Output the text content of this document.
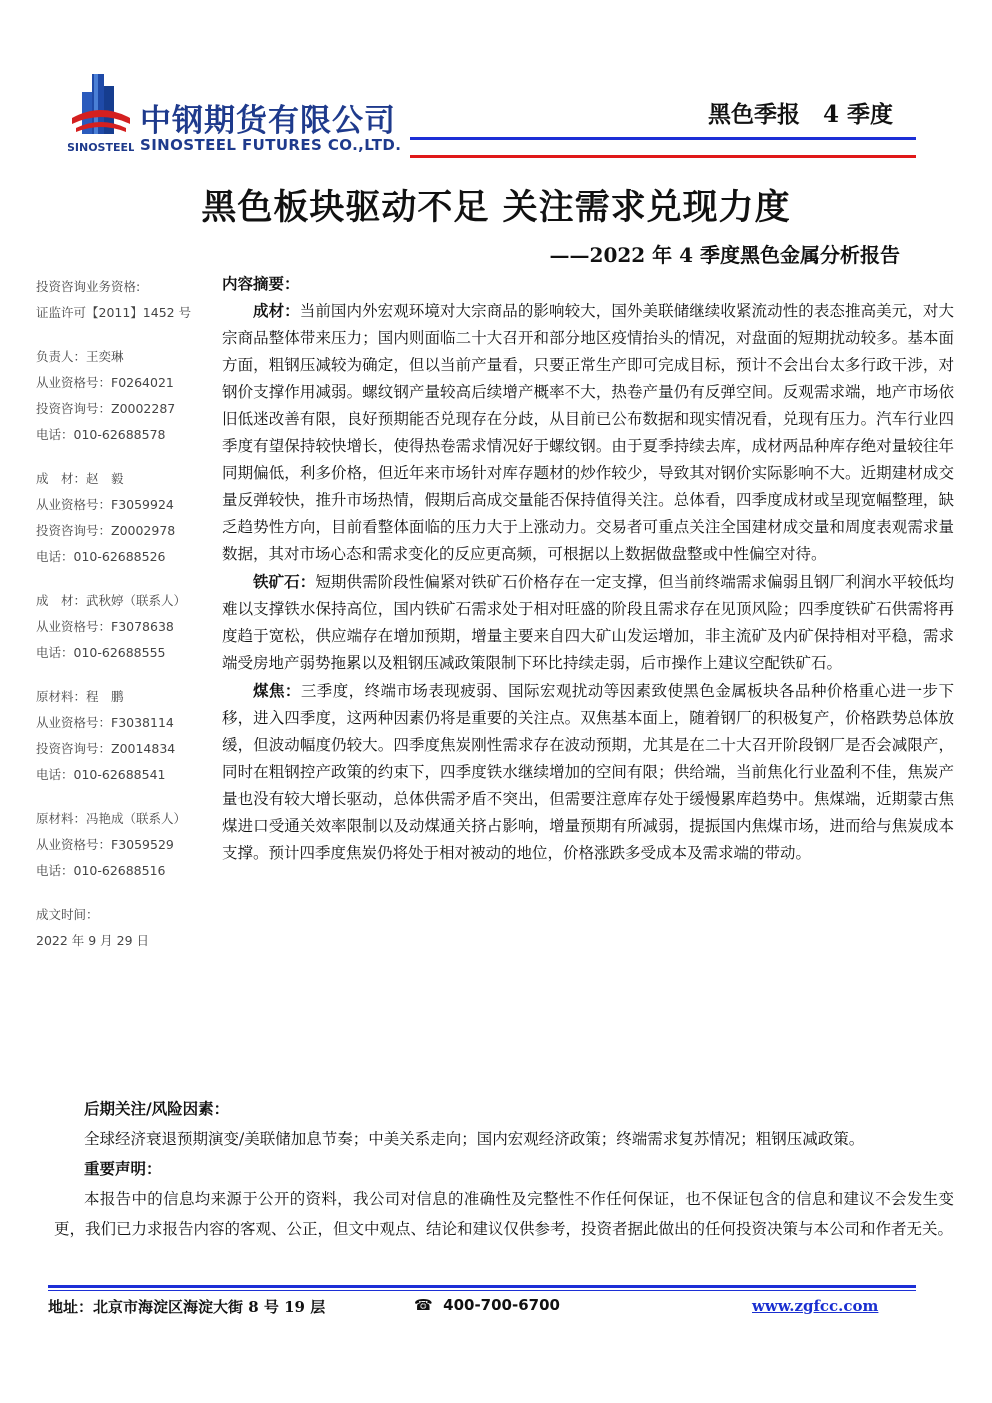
SINOSTEEL
中钢期货有限公司
SINOSTEEL FUTURES CO.,LTD.
黑色季报　4 季度
黑色板块驱动不足 关注需求兑现力度
——2022 年 4 季度黑色金属分析报告
投资咨询业务资格:
证监许可【2011】1452 号
负责人：王奕琳
从业资格号：F0264021
投资咨询号：Z0002287
电话：010-62688578
成　材：赵　毅
从业资格号：F3059924
投资咨询号：Z0002978
电话：010-62688526
成　材：武秋婷（联系人）
从业资格号：F3078638
电话：010-62688555
原材料：程　鹏
从业资格号：F3038114
投资咨询号：Z0014834
电话：010-62688541
原材料：冯艳成（联系人）
从业资格号：F3059529
电话：010-62688516
成文时间：
2022 年 9 月 29 日
内容摘要：

成材：当前国内外宏观环境对大宗商品的影响较大，国外美联储继续收紧流动性的表态推高美元，对大宗商品整体带来压力；国内则面临二十大召开和部分地区疫情抬头的情况，对盘面的短期扰动较多。基本面方面，粗钢压减较为确定，但以当前产量看，只要正常生产即可完成目标，预计不会出台太多行政干涉，对钢价支撑作用减弱。螺纹钢产量较高后续增产概率不大，热卷产量仍有反弹空间。反观需求端，地产市场依旧低迷改善有限，良好预期能否兑现存在分歧，从目前已公布数据和现实情况看，兑现有压力。汽车行业四季度有望保持较快增长，使得热卷需求情况好于螺纹钢。由于夏季持续去库，成材两品种库存绝对量较往年同期偏低，利多价格，但近年来市场针对库存题材的炒作较少，导致其对钢价实际影响不大。近期建材成交量反弹较快，推升市场热情，假期后高成交量能否保持值得关注。总体看，四季度成材或呈现宽幅整理，缺乏趋势性方向，目前看整体面临的压力大于上涨动力。交易者可重点关注全国建材成交量和周度表观需求量数据，其对市场心态和需求变化的反应更高频，可根据以上数据做盘整或中性偏空对待。

铁矿石：短期供需阶段性偏紧对铁矿石价格存在一定支撑，但当前终端需求偏弱且钢厂利润水平较低均难以支撑铁水保持高位，国内铁矿石需求处于相对旺盛的阶段且需求存在见顶风险；四季度铁矿石供需将再度趋于宽松，供应端存在增加预期，增量主要来自四大矿山发运增加，非主流矿及内矿保持相对平稳，需求端受房地产弱势拖累以及粗钢压减政策限制下环比持续走弱，后市操作上建议空配铁矿石。

煤焦：三季度，终端市场表现疲弱、国际宏观扰动等因素致使黑色金属板块各品种价格重心进一步下移，进入四季度，这两种因素仍将是重要的关注点。双焦基本面上，随着钢厂的积极复产，价格跌势总体放缓，但波动幅度仍较大。四季度焦炭刚性需求存在波动预期，尤其是在二十大召开阶段钢厂是否会减限产，同时在粗钢控产政策的约束下，四季度铁水继续增加的空间有限；供给端，当前焦化行业盈利不佳，焦炭产量也没有较大增长驱动，总体供需矛盾不突出，但需要注意库存处于缓慢累库趋势中。焦煤端，近期蒙古焦煤进口受通关效率限制以及动煤通关挤占影响，增量预期有所减弱，提振国内焦煤市场，进而给与焦炭成本支撑。预计四季度焦炭仍将处于相对被动的地位，价格涨跌多受成本及需求端的带动。

后期关注/风险因素：
全球经济衰退预期演变/美联储加息节奏；中美关系走向；国内宏观经济政策；终端需求复苏情况；粗钢压减政策。
重要声明：
本报告中的信息均来源于公开的资料，我公司对信息的准确性及完整性不作任何保证，也不保证包含的信息和建议不会发生变更，我们已力求报告内容的客观、公正，但文中观点、结论和建议仅供参考，投资者据此做出的任何投资决策与本公司和作者无关。
地址：北京市海淀区海淀大街 8 号 19 层	☎ 400-700-6700	www.zgfcc.com
